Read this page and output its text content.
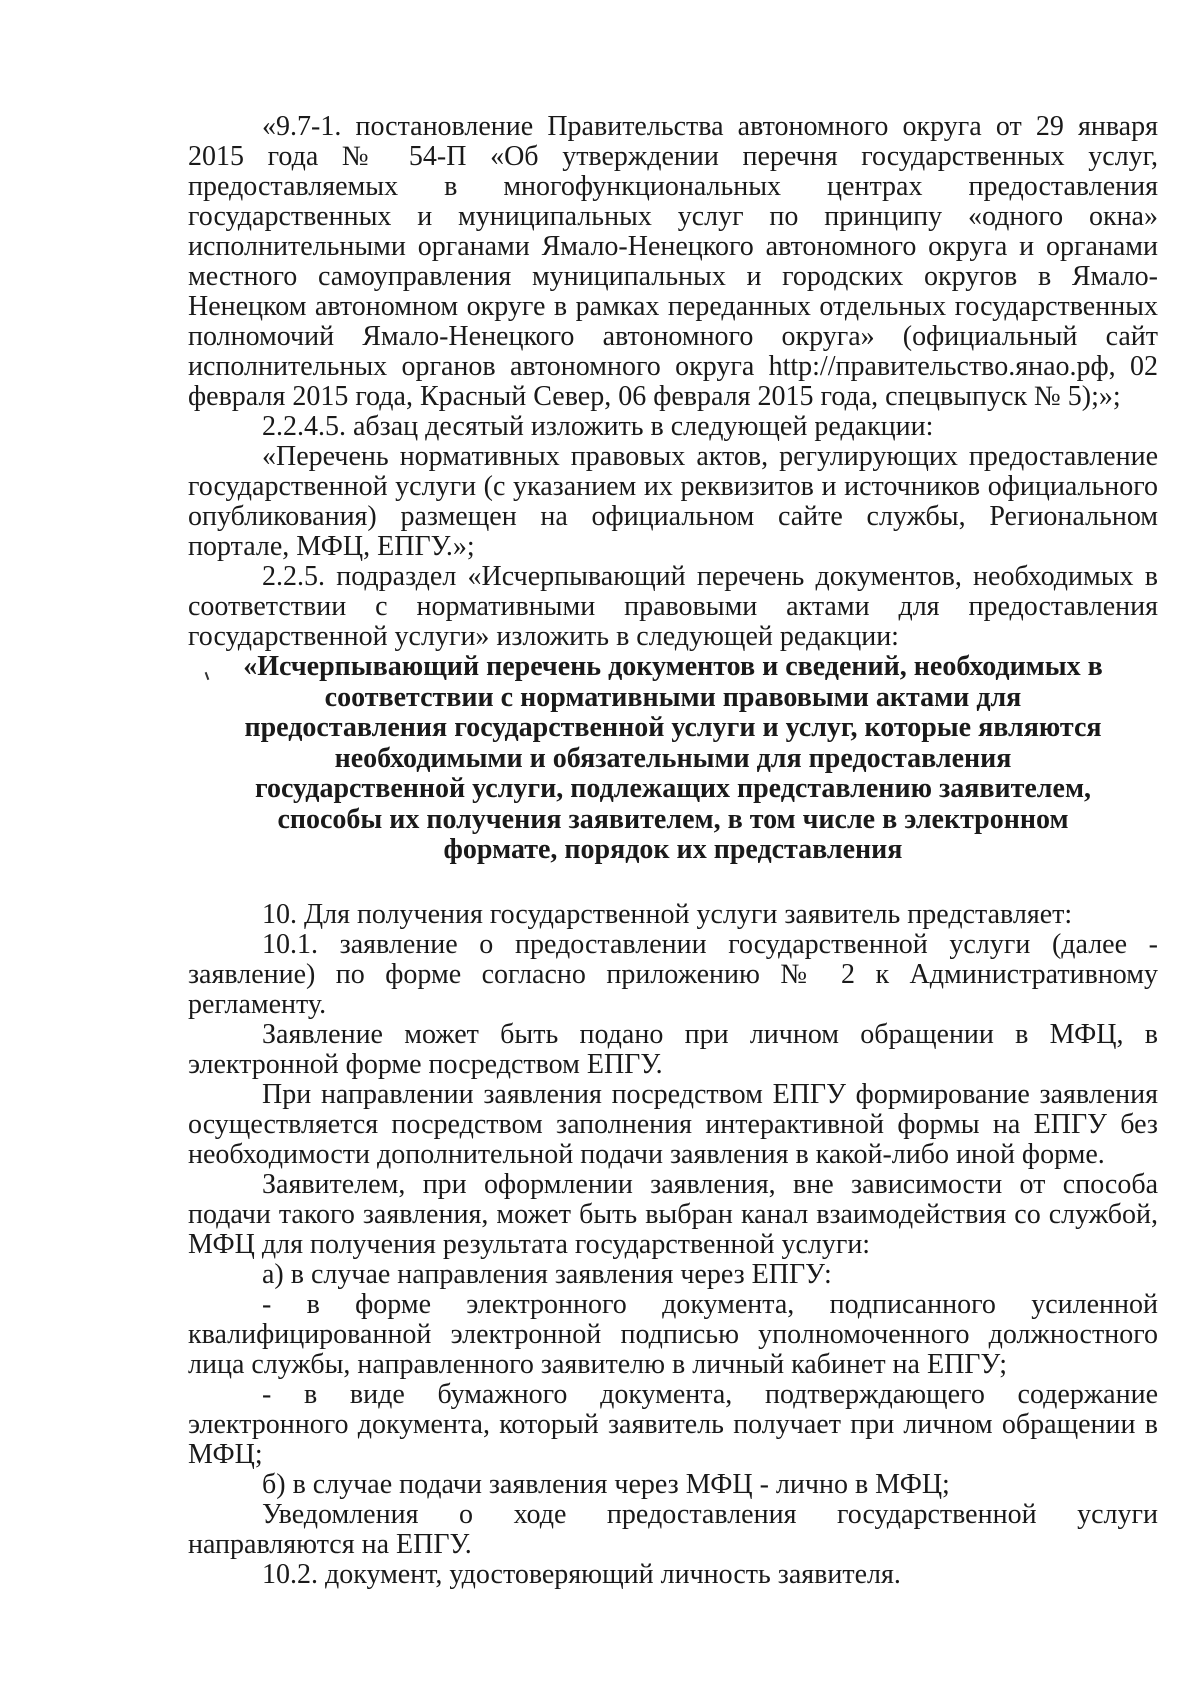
«9.7-1. постановление Правительства автономного округа от 29 января 2015 года № 54-П «Об утверждении перечня государственных услуг, предоставляемых в многофункциональных центрах предоставления государственных и муниципальных услуг по принципу «одного окна» исполнительными органами Ямало-Ненецкого автономного округа и органами местного самоуправления муниципальных и городских округов в Ямало-Ненецком автономном округе в рамках переданных отдельных государственных полномочий Ямало-Ненецкого автономного округа» (официальный сайт исполнительных органов автономного округа http://правительство.янао.рф, 02 февраля 2015 года, Красный Север, 06 февраля 2015 года, спецвыпуск № 5);»;

2.2.4.5. абзац десятый изложить в следующей редакции:

«Перечень нормативных правовых актов, регулирующих предоставление государственной услуги (с указанием их реквизитов и источников официального опубликования) размещен на официальном сайте службы, Региональном портале, МФЦ, ЕПГУ.»;

2.2.5. подраздел «Исчерпывающий перечень документов, необходимых в соответствии с нормативными правовыми актами для предоставления государственной услуги» изложить в следующей редакции:

«Исчерпывающий перечень документов и сведений, необходимых в соответствии с нормативными правовыми актами для предоставления государственной услуги и услуг, которые являются необходимыми и обязательными для предоставления государственной услуги, подлежащих представлению заявителем, способы их получения заявителем, в том числе в электронном формате, порядок их представления

10. Для получения государственной услуги заявитель представляет:

10.1. заявление о предоставлении государственной услуги (далее - заявление) по форме согласно приложению № 2 к Административному регламенту.

Заявление может быть подано при личном обращении в МФЦ, в электронной форме посредством ЕПГУ.

При направлении заявления посредством ЕПГУ формирование заявления осуществляется посредством заполнения интерактивной формы на ЕПГУ без необходимости дополнительной подачи заявления в какой-либо иной форме.

Заявителем, при оформлении заявления, вне зависимости от способа подачи такого заявления, может быть выбран канал взаимодействия со службой, МФЦ для получения результата государственной услуги:

а) в случае направления заявления через ЕПГУ:

- в форме электронного документа, подписанного усиленной квалифицированной электронной подписью уполномоченного должностного лица службы, направленного заявителю в личный кабинет на ЕПГУ;

- в виде бумажного документа, подтверждающего содержание электронного документа, который заявитель получает при личном обращении в МФЦ;

б) в случае подачи заявления через МФЦ - лично в МФЦ;

Уведомления о ходе предоставления государственной услуги направляются на ЕПГУ.

10.2. документ, удостоверяющий личность заявителя.
